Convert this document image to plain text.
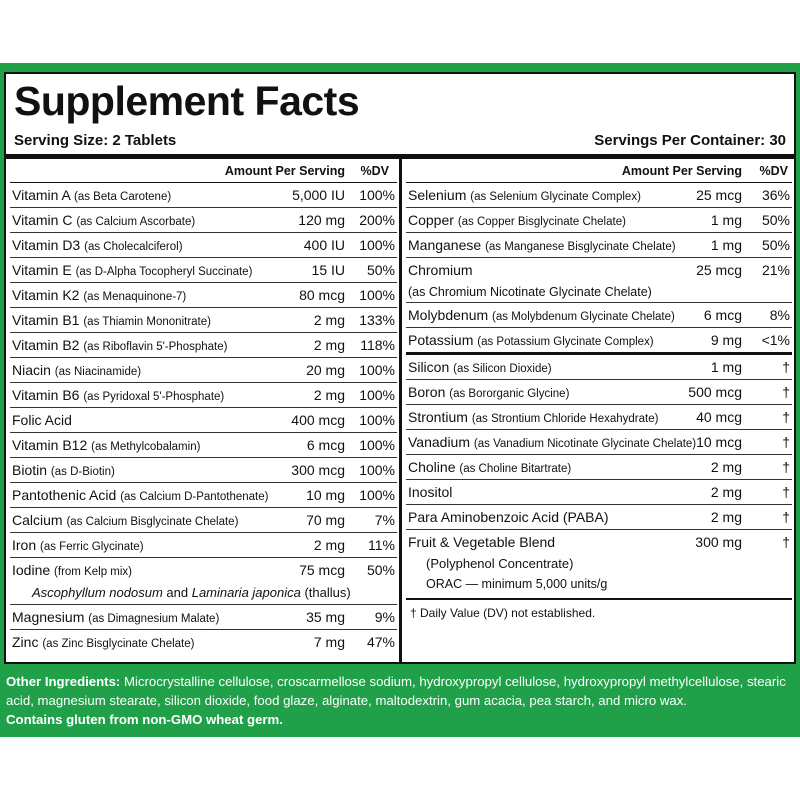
Supplement Facts
Serving Size: 2 Tablets	Servings Per Container: 30
Amount Per Serving %DV
Vitamin A (as Beta Carotene)	5,000 IU 100%
Vitamin C (as Calcium Ascorbate)	120 mg 200%
Vitamin D3 (as Cholecalciferol)	400 IU 100%
Vitamin E (as D-Alpha Tocopheryl Succinate)	15 IU 50%
Vitamin K2 (as Menaquinone-7)	80 mcg 100%
Vitamin B1 (as Thiamin Mononitrate)	2 mg 133%
Vitamin B2 (as Riboflavin 5'-Phosphate)	2 mg 118%
Niacin (as Niacinamide)	20 mg 100%
Vitamin B6 (as Pyridoxal 5'-Phosphate)	2 mg 100%
Folic Acid	400 mcg 100%
Vitamin B12 (as Methylcobalamin)	6 mcg 100%
Biotin (as D-Biotin)	300 mcg 100%
Pantothenic Acid (as Calcium D-Pantothenate)	10 mg 100%
Calcium (as Calcium Bisglycinate Chelate)	70 mg 7%
Iron (as Ferric Glycinate)	2 mg 11%
Iodine (from Kelp mix)	75 mcg 50%
Ascophyllum nodosum and Laminaria japonica (thallus)
Magnesium (as Dimagnesium Malate)	35 mg 9%
Zinc (as Zinc Bisglycinate Chelate)	7 mg 47%
Amount Per Serving %DV
Selenium (as Selenium Glycinate Complex)	25 mcg 36%
Copper (as Copper Bisglycinate Chelate)	1 mg 50%
Manganese (as Manganese Bisglycinate Chelate)	1 mg 50%
Chromium	25 mcg 21%
(as Chromium Nicotinate Glycinate Chelate)
Molybdenum (as Molybdenum Glycinate Chelate) 6 mcg 8%
Potassium (as Potassium Glycinate Complex)	9 mg <1%
Silicon (as Silicon Dioxide)	1 mg	†
Boron (as Bororganic Glycine)	500 mcg	†
Strontium (as Strontium Chloride Hexahydrate)	40 mcg	†
Vanadium (as Vanadium Nicotinate Glycinate Chelate) 10 mcg	†
Choline (as Choline Bitartrate)	2 mg	†
Inositol	2 mg	†
Para Aminobenzoic Acid (PABA)	2 mg	†
Fruit & Vegetable Blend	300 mg	†
(Polyphenol Concentrate)
ORAC — minimum 5,000 units/g
† Daily Value (DV) not established.
Other Ingredients: Microcrystalline cellulose, croscarmellose sodium, hydroxypropyl cellulose, hydroxypropyl methylcellulose, stearic acid, magnesium stearate, silicon dioxide, food glaze, alginate, maltodextrin, gum acacia, pea starch, and micro wax.
Contains gluten from non-GMO wheat germ.
